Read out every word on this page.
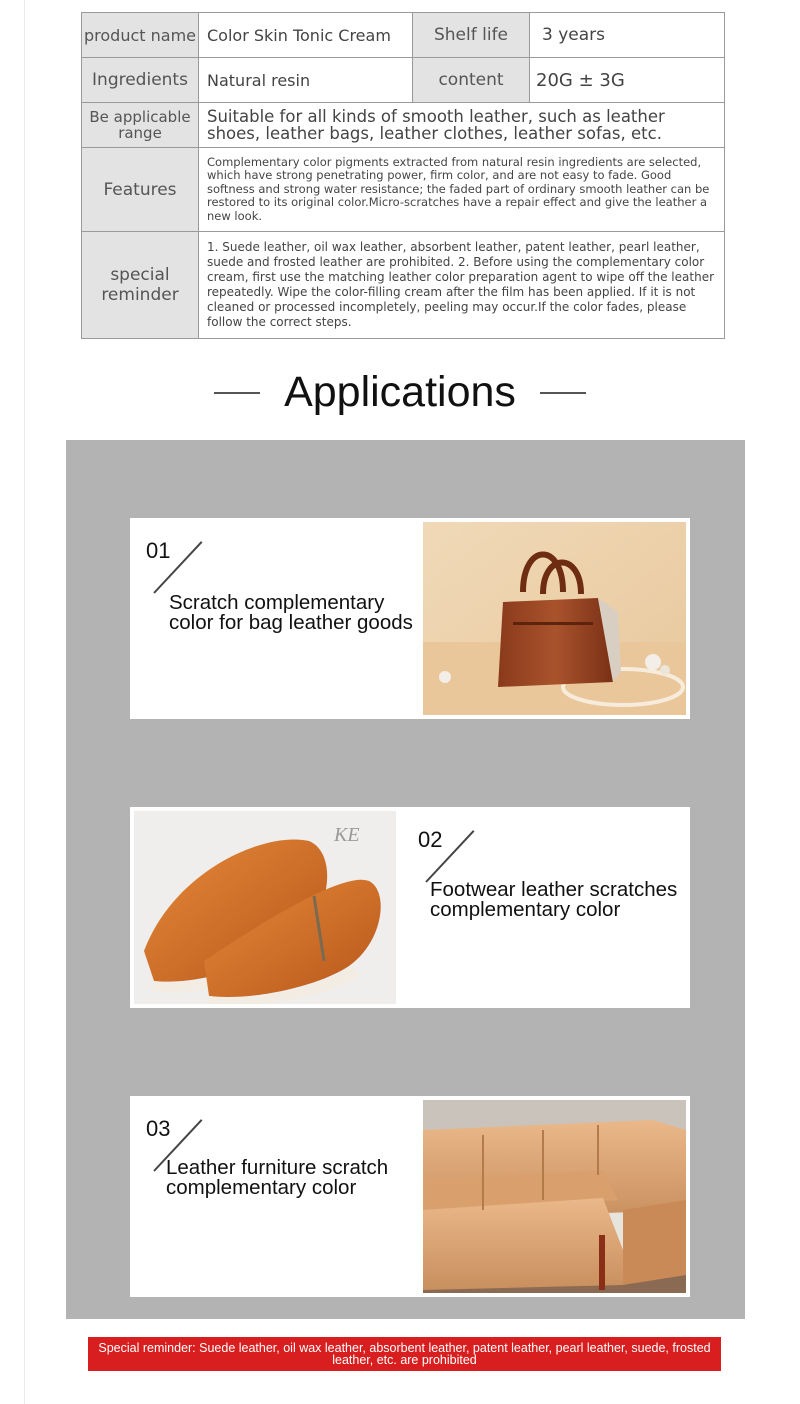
product name	Color Skin Tonic Cream	Shelf life	3 years
Ingredients	Natural resin	content	20G ± 3G
Be applicable range	Suitable for all kinds of smooth leather, such as leather shoes, leather bags, leather clothes, leather sofas, etc.		
Features	Complementary color pigments extracted from natural resin ingredients are selected, which have strong penetrating power, firm color, and are not easy to fade. Good softness and strong water resistance; the faded part of ordinary smooth leather can be restored to its original color.Micro-scratches have a repair effect and give the leather a new look.		
special reminder	1. Suede leather, oil wax leather, absorbent leather, patent leather, pearl leather, suede and frosted leather are prohibited. 2. Before using the complementary color cream, first use the matching leather color preparation agent to wipe off the leather repeatedly. Wipe the color-filling cream after the film has been applied. If it is not cleaned or processed incompletely, peeling may occur.If the color fades, please follow the correct steps.		
Applications
01
Scratch complementary color for bag leather goods
KE	02
Footwear leather scratches complementary color
03
Leather furniture scratch complementary color
Special reminder: Suede leather, oil wax leather, absorbent leather, patent leather, pearl leather, suede, frosted leather, etc. are prohibited
